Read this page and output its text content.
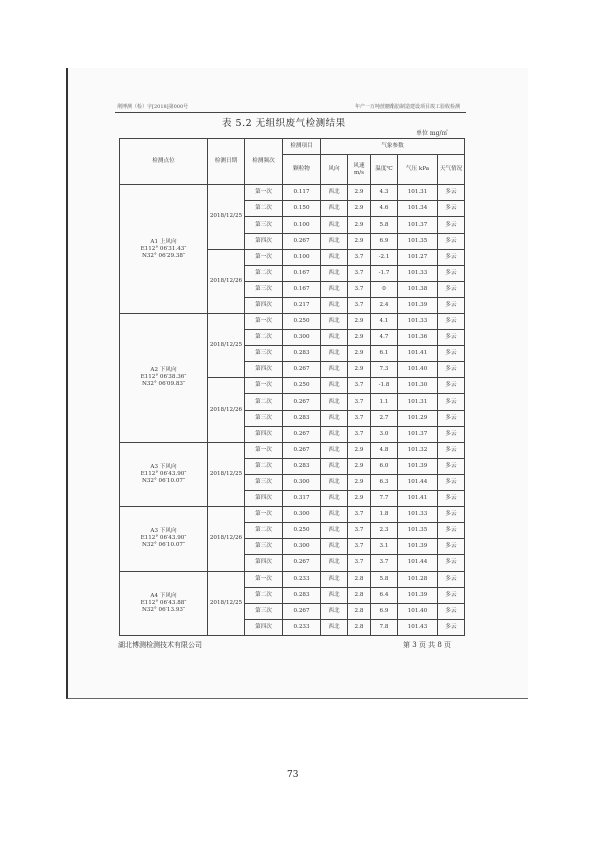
荆博测（检）字[2018]第000号	年产一万吨蔗糖酯肪制造建设项目竣工验收检测
表 5.2 无组织废气检测结果
单位 mg/㎥
检测点位	检测日期	检测频次	检测项目	气象参数				
			颗粒物	风向	风速 m/s	温度℃	气压 kPa	天气情况
A1 上风向
E112° 06′31.43″
N32° 06′29.38″	2018/12/25	第一次	0.117	西北	2.9	4.3	101.31	多云
		第二次	0.150	西北	2.9	4.6	101.34	多云
		第三次	0.100	西北	2.9	5.8	101.37	多云
		第四次	0.267	西北	2.9	6.9	101.35	多云
	2018/12/26	第一次	0.100	西北	3.7	-2.1	101.27	多云
		第二次	0.167	西北	3.7	-1.7	101.33	多云
		第三次	0.167	西北	3.7	0	101.38	多云
		第四次	0.217	西北	3.7	2.4	101.39	多云
A2 下风向
E112° 06′38.36″
N32° 06′09.83″	2018/12/25	第一次	0.250	西北	2.9	4.1	101.33	多云
		第二次	0.300	西北	2.9	4.7	101.36	多云
		第三次	0.283	西北	2.9	6.1	101.41	多云
		第四次	0.267	西北	2.9	7.3	101.40	多云
	2018/12/26	第一次	0.250	西北	3.7	-1.8	101.30	多云
		第二次	0.267	西北	3.7	1.1	101.31	多云
		第三次	0.283	西北	3.7	2.7	101.29	多云
		第四次	0.267	西北	3.7	3.0	101.37	多云
A3 下风向
E112° 06′43.90″
N32° 06′10.07″	2018/12/25	第一次	0.267	西北	2.9	4.8	101.32	多云
		第二次	0.283	西北	2.9	6.0	101.39	多云
		第三次	0.300	西北	2.9	6.3	101.44	多云
		第四次	0.317	西北	2.9	7.7	101.41	多云
A3 下风向
E112° 06′43.90″
N32° 06′10.07″	2018/12/26	第一次	0.300	西北	3.7	1.8	101.33	多云
		第二次	0.250	西北	3.7	2.3	101.35	多云
		第三次	0.300	西北	3.7	3.1	101.39	多云
		第四次	0.267	西北	3.7	3.7	101.44	多云
A4 下风向
E112° 06′43.88″
N32° 06′13.93″	2018/12/25	第一次	0.233	西北	2.8	5.8	101.28	多云
		第二次	0.283	西北	2.8	6.4	101.39	多云
		第三次	0.267	西北	2.8	6.9	101.40	多云
		第四次	0.233	西北	2.8	7.8	101.43	多云
湖北博测检测技术有限公司	第 3 页 共 8 页
73
